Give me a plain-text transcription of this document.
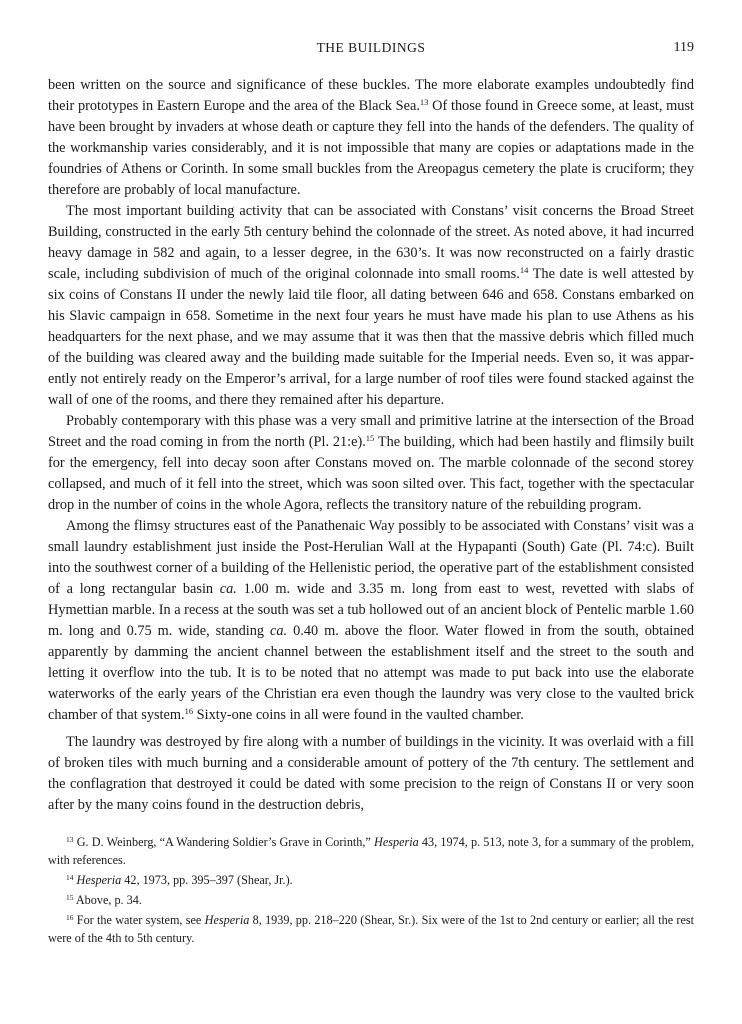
THE BUILDINGS	119

been written on the source and significance of these buckles. The more elaborate examples undoubtedly find their prototypes in Eastern Europe and the area of the Black Sea.$^{13}$ Of those found in Greece some, at least, must have been brought by invaders at whose death or capture they fell into the hands of the defenders. The quality of the workmanship varies considerably, and it is not impossible that many are copies or adaptations made in the foundries of Athens or Corinth. In some small buckles from the Areopagus cemetery the plate is cruciform; they therefore are probably of local manufacture.

The most important building activity that can be associated with Constans’ visit concerns the Broad Street Building, constructed in the early 5th century behind the colonnade of the street. As noted above, it had incurred heavy damage in 582 and again, to a lesser degree, in the 630’s. It was now reconstructed on a fairly drastic scale, including subdivision of much of the original colonnade into small rooms.$^{14}$ The date is well attested by six coins of Constans II under the newly laid tile floor, all dating between 646 and 658. Constans embarked on his Slavic campaign in 658. Sometime in the next four years he must have made his plan to use Athens as his headquarters for the next phase, and we may assume that it was then that the massive debris which filled much of the building was cleared away and the building made suitable for the Imperial needs. Even so, it was apparently not entirely ready on the Emperor’s arrival, for a large number of roof tiles were found stacked against the wall of one of the rooms, and there they remained after his departure.

Probably contemporary with this phase was a very small and primitive latrine at the intersection of the Broad Street and the road coming in from the north (Pl. 21:e).$^{15}$ The building, which had been hastily and flimsily built for the emergency, fell into decay soon after Constans moved on. The marble colonnade of the second storey collapsed, and much of it fell into the street, which was soon silted over. This fact, together with the spectacular drop in the number of coins in the whole Agora, reflects the transitory nature of the rebuilding program.

Among the flimsy structures east of the Panathenaic Way possibly to be associated with Constans’ visit was a small laundry establishment just inside the Post-Herulian Wall at the Hypapanti (South) Gate (Pl. 74:c). Built into the southwest corner of a building of the Hellenistic period, the operative part of the establishment consisted of a long rectangular basin ca. 1.00 m. wide and 3.35 m. long from east to west, revetted with slabs of Hymettian marble. In a recess at the south was set a tub hollowed out of an ancient block of Pentelic marble 1.60 m. long and 0.75 m. wide, standing ca. 0.40 m. above the floor. Water flowed in from the south, obtained apparently by damming the ancient channel between the establishment itself and the street to the south and letting it overflow into the tub. It is to be noted that no attempt was made to put back into use the elaborate waterworks of the early years of the Christian era even though the laundry was very close to the vaulted brick chamber of that system.$^{16}$ Sixty-one coins in all were found in the vaulted chamber.

The laundry was destroyed by fire along with a number of buildings in the vicinity. It was overlaid with a fill of broken tiles with much burning and a considerable amount of pottery of the 7th century. The settlement and the conflagration that destroyed it could be dated with some precision to the reign of Constans II or very soon after by the many coins found in the destruction debris,

$^{13}$ G. D. Weinberg, “A Wandering Soldier’s Grave in Corinth,” Hesperia 43, 1974, p. 513, note 3, for a summary of the problem, with references.

$^{14}$ Hesperia 42, 1973, pp. 395–397 (Shear, Jr.).

$^{15}$ Above, p. 34.

$^{16}$ For the water system, see Hesperia 8, 1939, pp. 218–220 (Shear, Sr.). Six were of the 1st to 2nd century or earlier; all the rest were of the 4th to 5th century.
